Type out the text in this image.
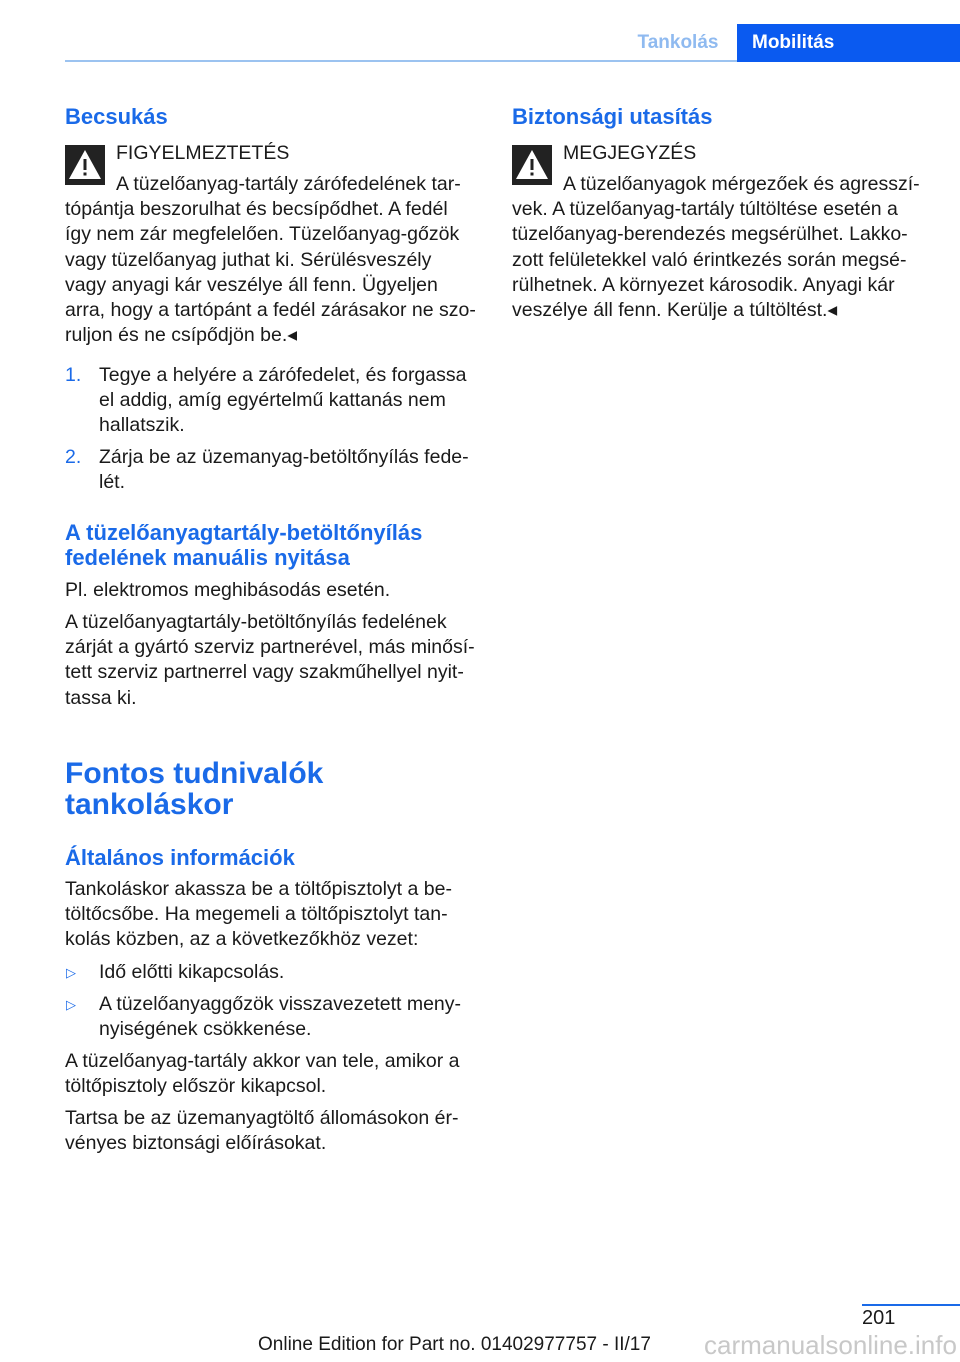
Tankolás	Mobilitás
Becsukás
FIGYELMEZTETÉS
A tüzelőanyag-tartály zárófedelének tar-
tópántja beszorulhat és becsípődhet. A fedél
így nem zár megfelelően. Tüzelőanyag-gőzök
vagy tüzelőanyag juthat ki. Sérülésveszély
vagy anyagi kár veszélye áll fenn. Ügyeljen
arra, hogy a tartópánt a fedél zárásakor ne szo-
ruljon és ne csípődjön be.◂
1. Tegye a helyére a zárófedelet, és forgassa
el addig, amíg egyértelmű kattanás nem
hallatszik.
2. Zárja be az üzemanyag-betöltőnyílás fede-
lét.
A tüzelőanyagtartály-betöltőnyílás
fedelének manuális nyitása
Pl. elektromos meghibásodás esetén.
A tüzelőanyagtartály-betöltőnyílás fedelének
zárját a gyártó szerviz partnerével, más minősí-
tett szerviz partnerrel vagy szakműhellyel nyit-
tassa ki.
Fontos tudnivalók
tankoláskor
Általános információk
Tankoláskor akassza be a töltőpisztolyt a be-
töltőcsőbe. Ha megemeli a töltőpisztolyt tan-
kolás közben, az a következőkhöz vezet:
▷ Idő előtti kikapcsolás.
▷ A tüzelőanyaggőzök visszavezetett meny-
nyiségének csökkenése.
A tüzelőanyag-tartály akkor van tele, amikor a
töltőpisztoly először kikapcsol.
Tartsa be az üzemanyagtöltő állomásokon ér-
vényes biztonsági előírásokat.
Biztonsági utasítás
MEGJEGYZÉS
A tüzelőanyagok mérgezőek és agresszí-
vek. A tüzelőanyag-tartály túltöltése esetén a
tüzelőanyag-berendezés megsérülhet. Lakko-
zott felületekkel való érintkezés során megsé-
rülhetnek. A környezet károsodik. Anyagi kár
veszélye áll fenn. Kerülje a túltöltést.◂
201
Online Edition for Part no. 01402977757 - II/17 carmanualsonline.info
